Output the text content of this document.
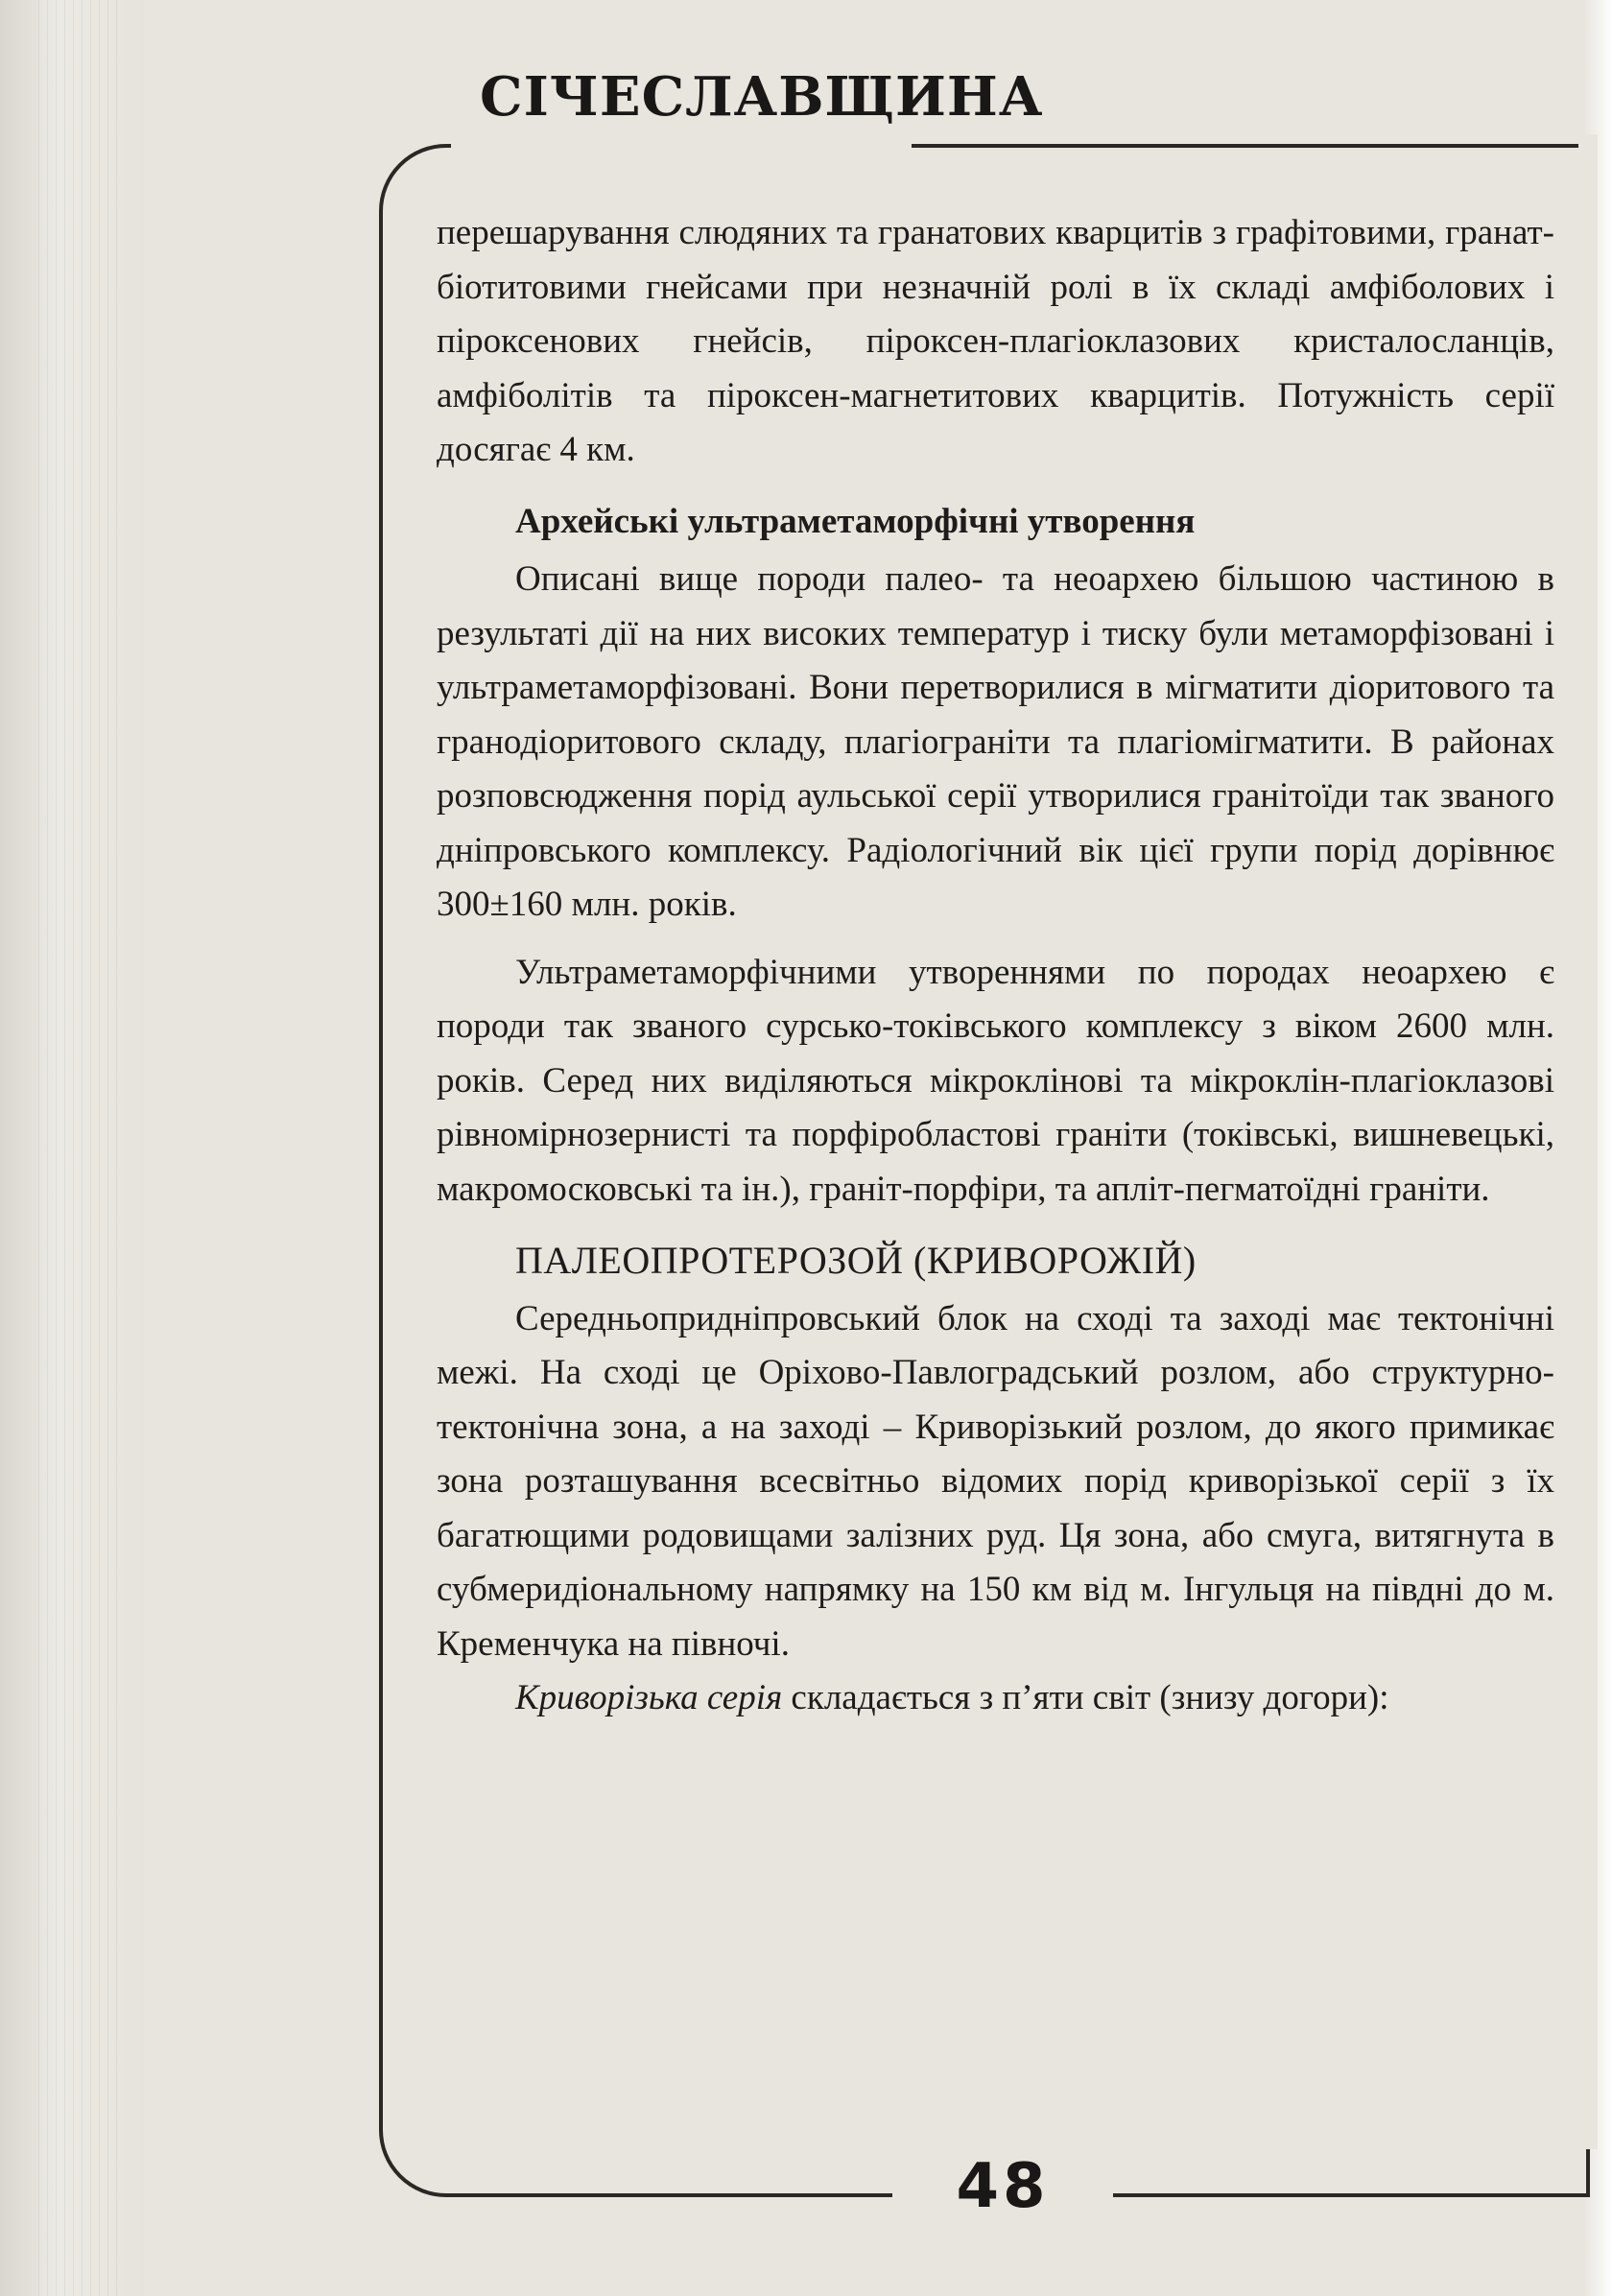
СІЧЕСЛАВЩИНА

перешарування слюдяних та гранатових кварцитів з графітовими, гранат-біотитовими гнейсами при незначній ролі в їх складі амфіболових і піроксенових гнейсів, піроксен-плагіоклазових кристалосланців, амфіболітів та піроксен-магнетитових кварцитів. Потужність серії досягає 4 км.

Архейські ультраметаморфічні утворення

Описані вище породи палео- та неоархею більшою частиною в результаті дії на них високих температур і тиску були метаморфізовані і ультраметаморфізовані. Вони перетворилися в мігматити діоритового та гранодіоритового складу, плагіограніти та плагіомігматити. В районах розповсюдження порід аульської серії утворилися гранітоїди так званого дніпровського комплексу. Радіологічний вік цієї групи порід дорівнює 300±160 млн. років.

Ультраметаморфічними утвореннями по породах неоархею є породи так званого сурсько-токівського комплексу з віком 2600 млн. років. Серед них виділяються мікроклінові та мікроклін-плагіоклазові рівномірнозернисті та порфіробластові граніти (токівські, вишневецькі, макромосковські та ін.), граніт-порфіри, та апліт-пегматоїдні граніти.

ПАЛЕОПРОТЕРОЗОЙ (КРИВОРОЖІЙ)

Середньопридніпровський блок на сході та заході має тектонічні межі. На сході це Оріхово-Павлоградський розлом, або структурно-тектонічна зона, а на заході – Криворізький розлом, до якого примикає зона розташування всесвітньо відомих порід криворізької серії з їх багатющими родовищами залізних руд. Ця зона, або смуга, витягнута в субмеридіональному напрямку на 150 км від м. Інгульця на півдні до м. Кременчука на півночі.

Криворізька серія складається з п’яти світ (знизу догори):

48
